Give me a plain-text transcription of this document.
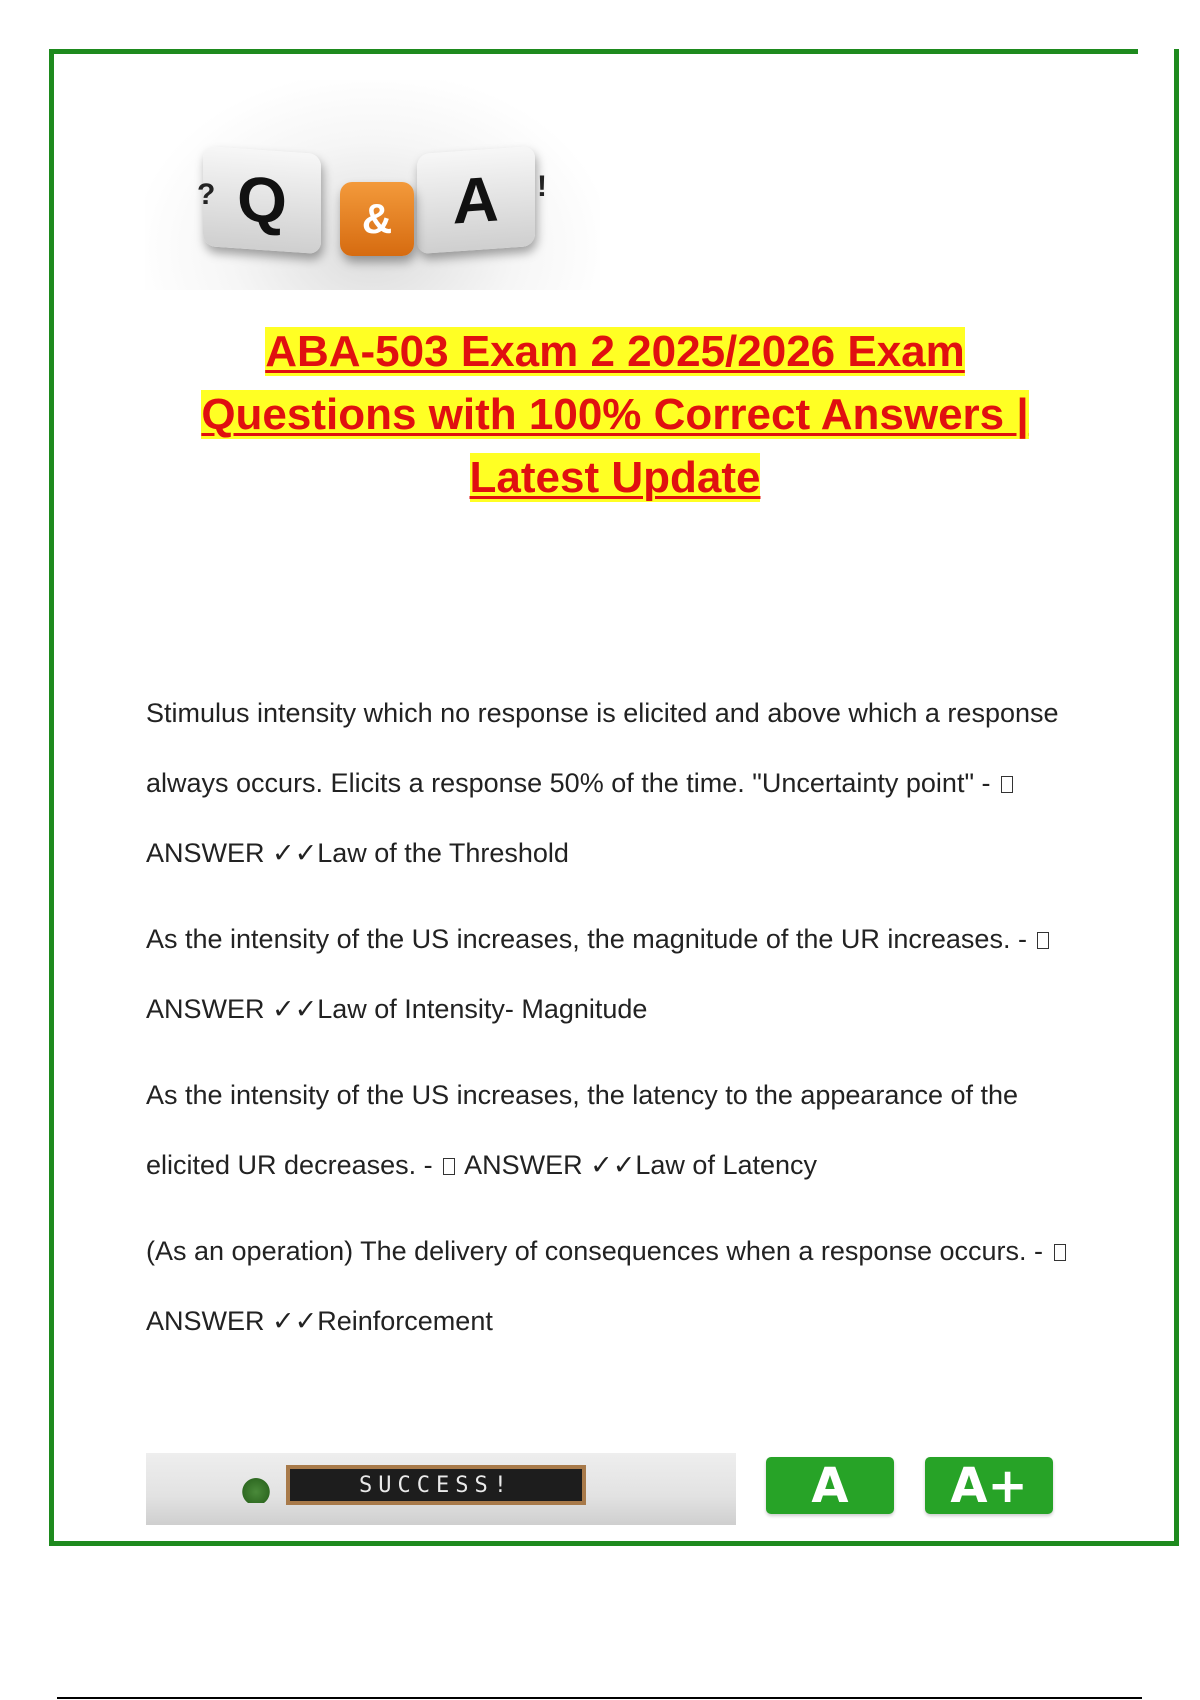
Q
?	A !
&
ABA-503 Exam 2 2025/2026 Exam
Questions with 100% Correct Answers |
Latest Update
Stimulus intensity which no response is elicited and above which a response always occurs. Elicits a response 50% of the time. "Uncertainty point" -  ANSWER ✓✓Law of the Threshold
As the intensity of the US increases, the magnitude of the UR increases. -  ANSWER ✓✓Law of Intensity- Magnitude
As the intensity of the US increases, the latency to the appearance of the elicited UR decreases. -  ANSWER ✓✓Law of Latency
(As an operation) The delivery of consequences when a response occurs. -  ANSWER ✓✓Reinforcement
SUCCESS!	A A+
